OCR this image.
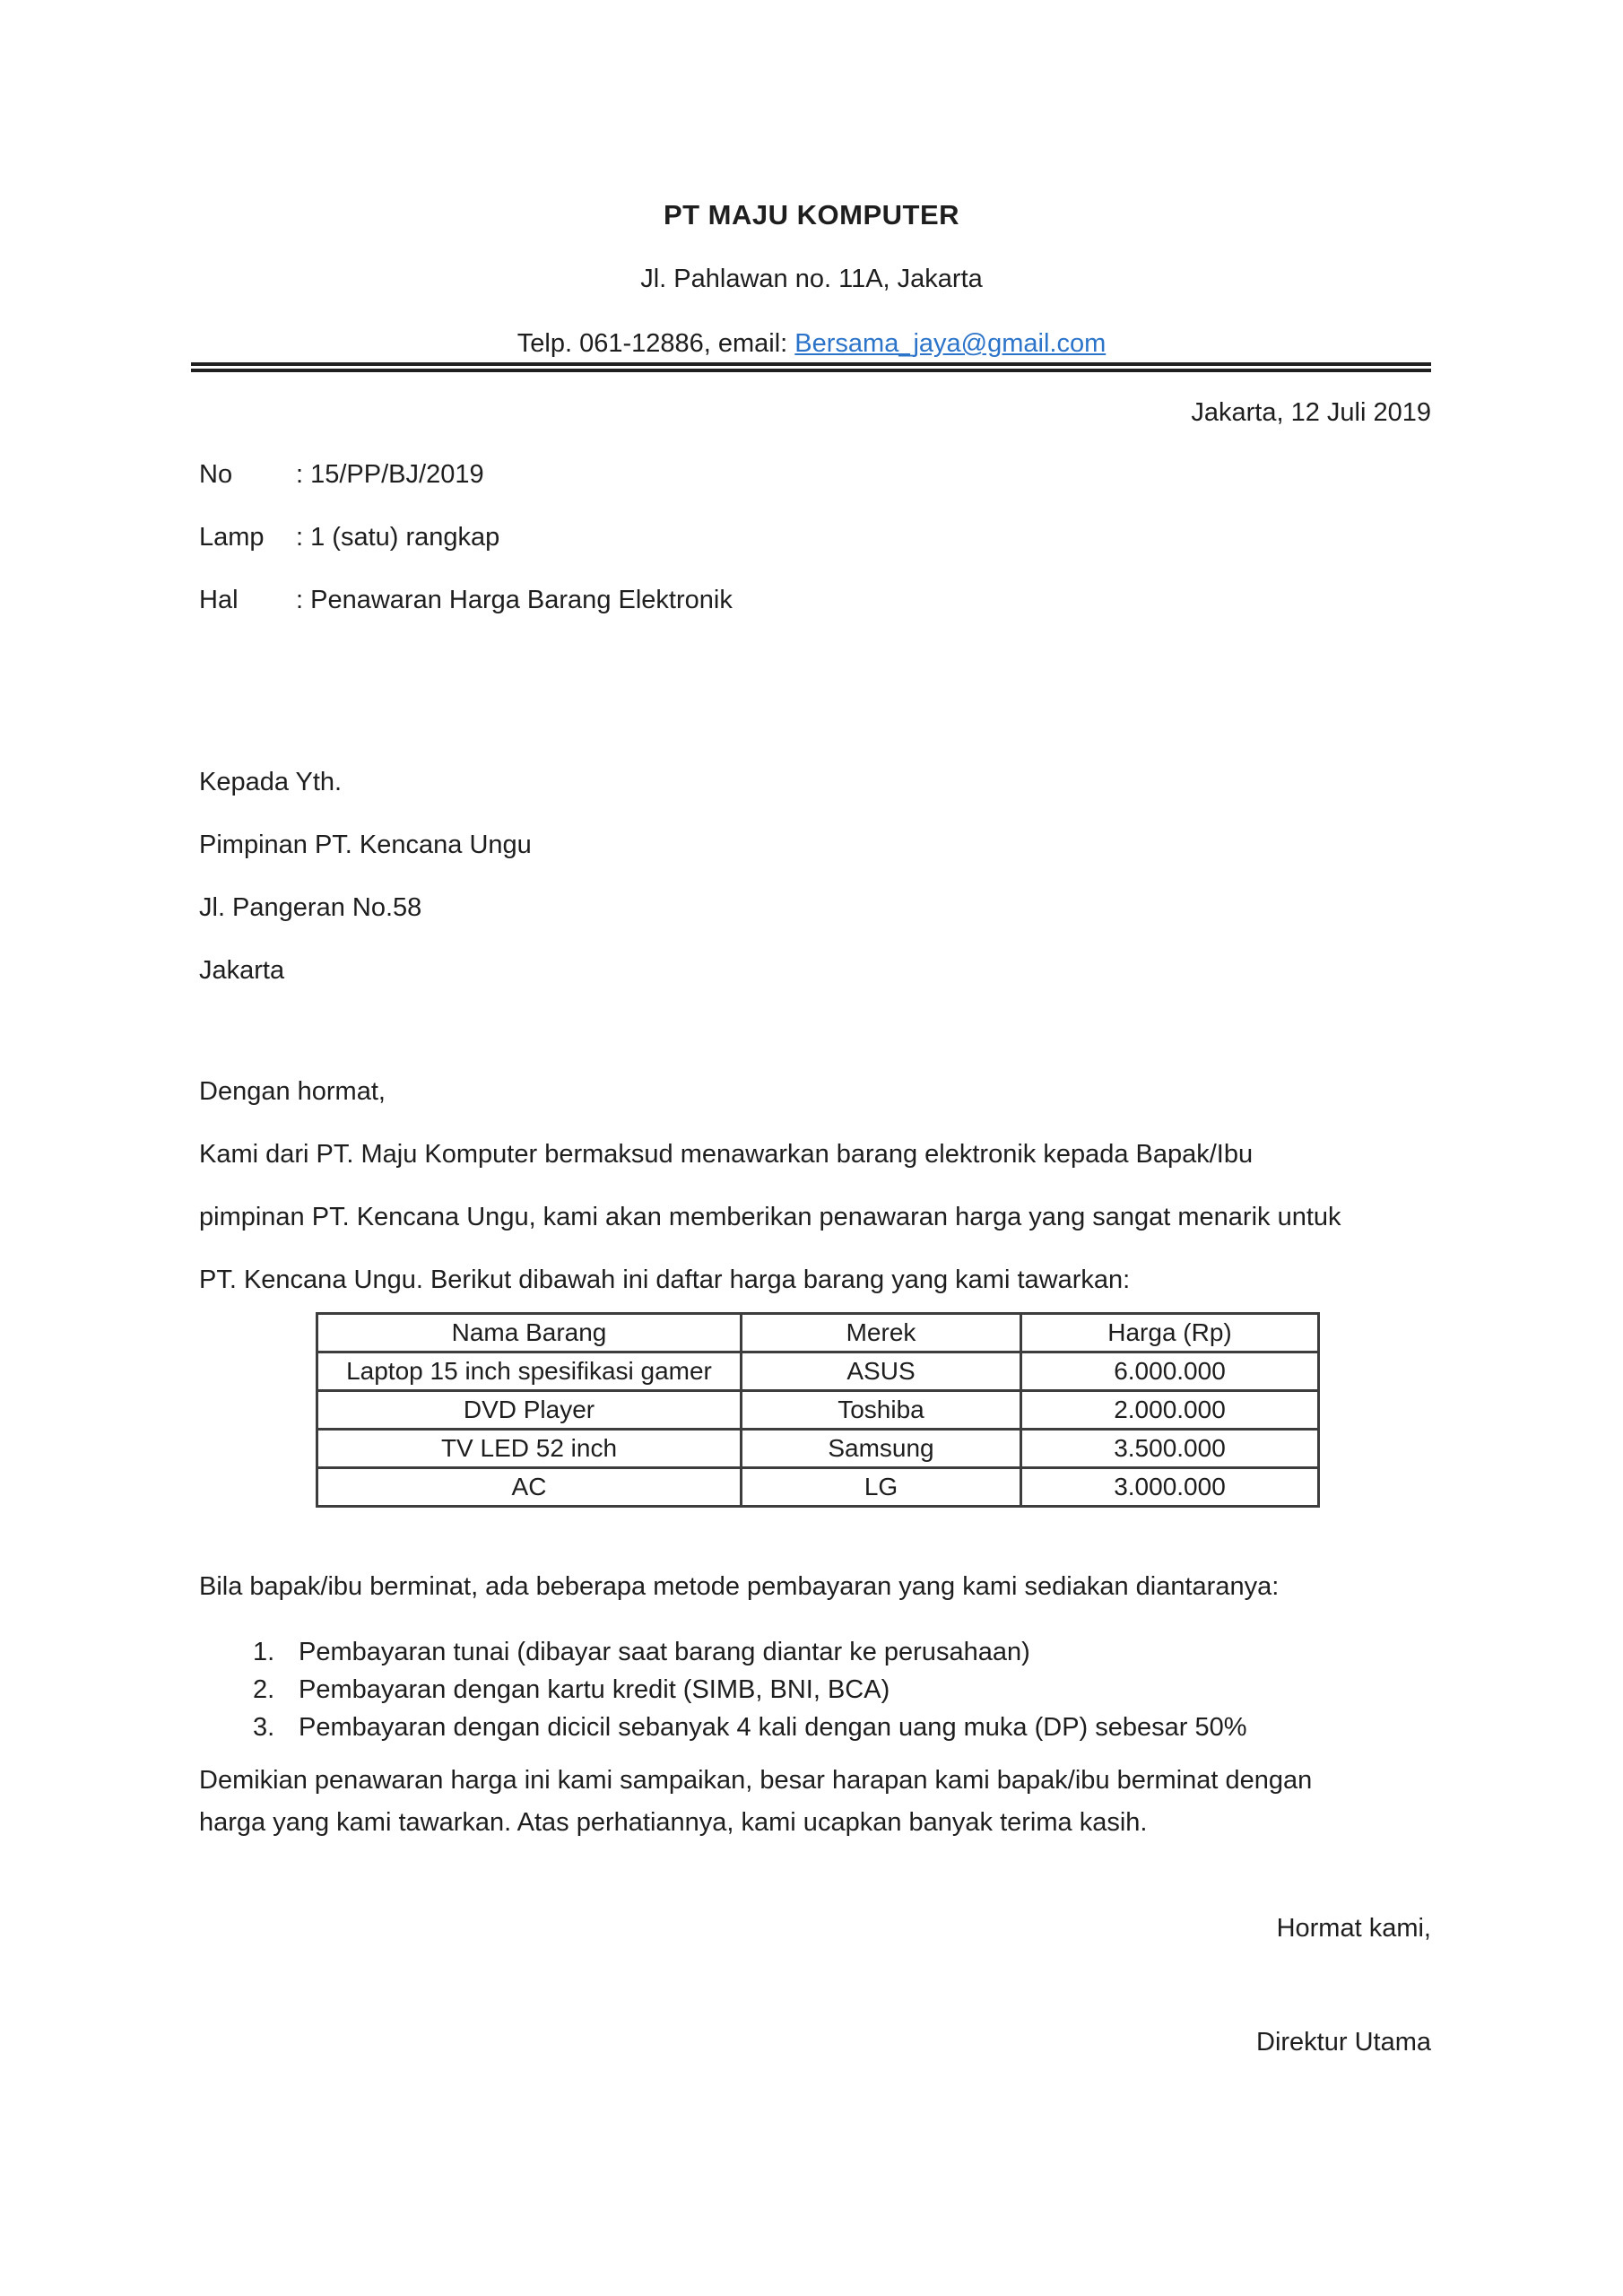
PT MAJU KOMPUTER
Jl. Pahlawan no. 11A, Jakarta
Telp. 061-12886, email: Bersama_jaya@gmail.com
Jakarta, 12 Juli 2019
No : 15/PP/BJ/2019
Lamp : 1 (satu) rangkap
Hal : Penawaran Harga Barang Elektronik
Kepada Yth.
Pimpinan PT. Kencana Ungu
Jl. Pangeran No.58
Jakarta
Dengan hormat,
Kami dari PT. Maju Komputer bermaksud menawarkan barang elektronik kepada Bapak/Ibu
pimpinan PT. Kencana Ungu, kami akan memberikan penawaran harga yang sangat menarik untuk
PT. Kencana Ungu. Berikut dibawah ini daftar harga barang yang kami tawarkan:
Nama Barang	Merek	Harga (Rp)
Laptop 15 inch spesifikasi gamer	ASUS	6.000.000
DVD Player	Toshiba	2.000.000
TV LED 52 inch	Samsung	3.500.000
AC	LG	3.000.000
Bila bapak/ibu berminat, ada beberapa metode pembayaran yang kami sediakan diantaranya:
1. Pembayaran tunai (dibayar saat barang diantar ke perusahaan)
2. Pembayaran dengan kartu kredit (SIMB, BNI, BCA)
3. Pembayaran dengan dicicil sebanyak 4 kali dengan uang muka (DP) sebesar 50%
Demikian penawaran harga ini kami sampaikan, besar harapan kami bapak/ibu berminat dengan
harga yang kami tawarkan. Atas perhatiannya, kami ucapkan banyak terima kasih.
Hormat kami,
Direktur Utama
